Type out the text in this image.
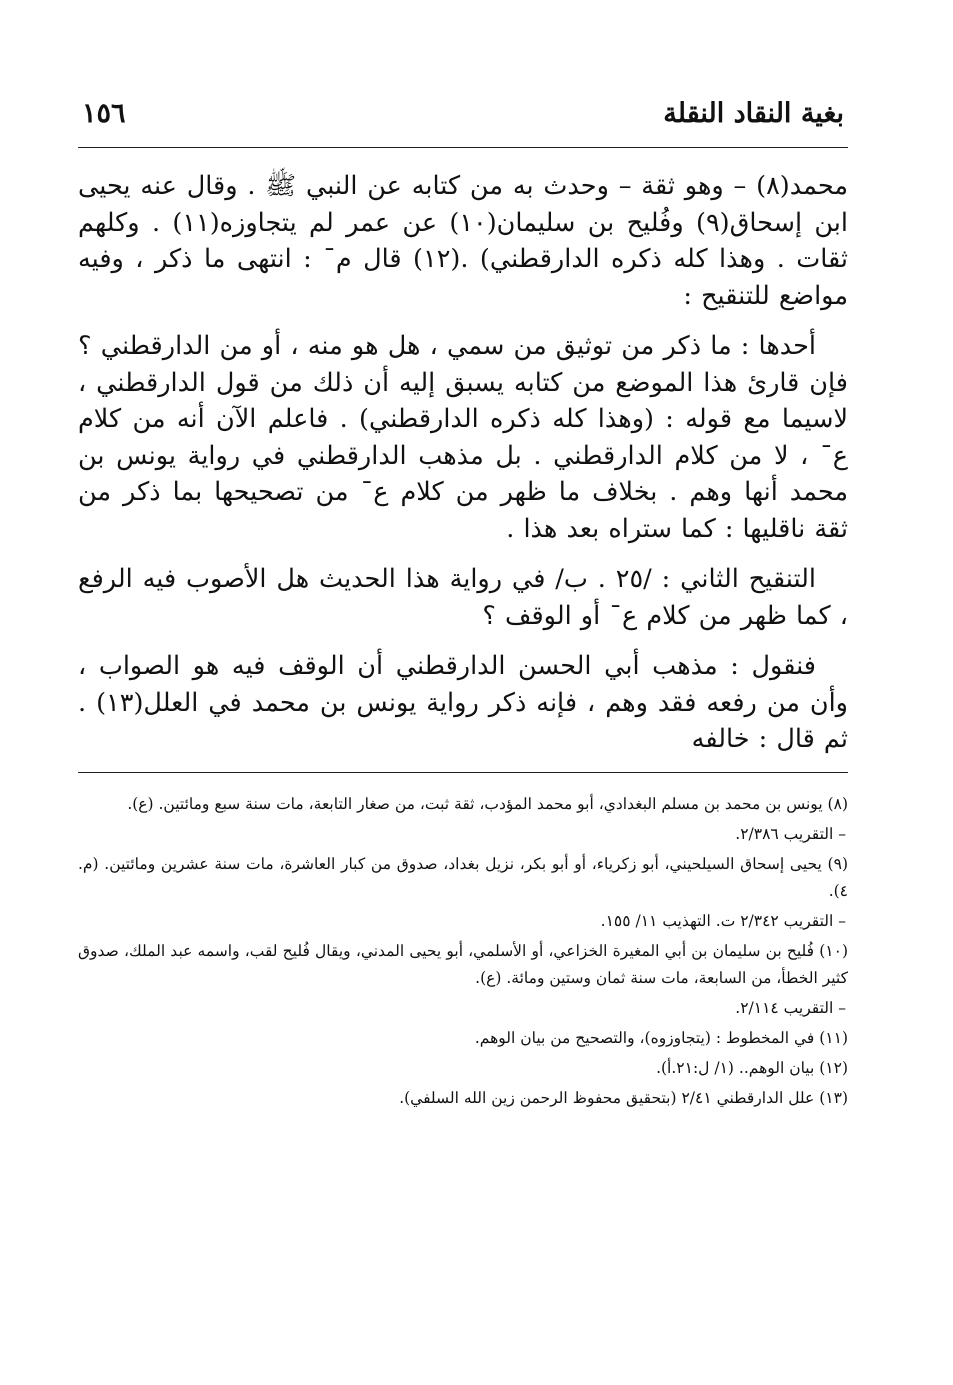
بغية النقاد النقلة
١٥٦

محمد(٨) – وهو ثقة – وحدث به من كتابه عن النبي ﷺ . وقال عنه يحيى ابن إسحاق(٩) وفُليح بن سليمان(١٠) عن عمر لم يتجاوزه(١١) . وكلهم ثقات . وهذا كله ذكره الدارقطني) .(١٢) قال مˉ : انتهى ما ذكر ، وفيه مواضع للتنقيح :

أحدها : ما ذكر من توثيق من سمي ، هل هو منه ، أو من الدارقطني ؟ فإن قارئ هذا الموضع من كتابه يسبق إليه أن ذلك من قول الدارقطني ، لاسيما مع قوله : (وهذا كله ذكره الدارقطني) . فاعلم الآن أنه من كلام عˉ ، لا من كلام الدارقطني . بل مذهب الدارقطني في رواية يونس بن محمد أنها وهم . بخلاف ما ظهر من كلام عˉ من تصحيحها بما ذكر من ثقة ناقليها : كما ستراه بعد هذا .

التنقيح الثاني : /٢٥ . ب/ في رواية هذا الحديث هل الأصوب فيه الرفع ، كما ظهر من كلام عˉ أو الوقف ؟

فنقول : مذهب أبي الحسن الدارقطني أن الوقف فيه هو الصواب ، وأن من رفعه فقد وهم ، فإنه ذكر رواية يونس بن محمد في العلل(١٣) . ثم قال : خالفه

(٨) يونس بن محمد بن مسلم البغدادي، أبو محمد المؤدب، ثقة ثبت، من صغار التابعة، مات سنة سبع ومائتين. (ع).

– التقريب ٢/٣٨٦.

(٩) يحيى إسحاق السيلحيني، أبو زكرياء، أو أبو بكر، نزيل بغداد، صدوق من كبار العاشرة، مات سنة عشرين ومائتين. (م. ٤).

– التقريب ٢/٣٤٢ ت. التهذيب ١١/ ١٥٥.

(١٠) فُليح بن سليمان بن أبي المغيرة الخزاعي، أو الأسلمي، أبو يحيى المدني، ويقال فُليح لقب، واسمه عبد الملك، صدوق كثير الخطأ، من السابعة، مات سنة ثمان وستين ومائة. (ع).

– التقريب ٢/١١٤.

(١١) في المخطوط : (يتجاوزوه)، والتصحيح من بيان الوهم.

(١٢) بيان الوهم.. (١/ ل:٢١.أ).

(١٣) علل الدارقطني ٢/٤١ (بتحقيق محفوظ الرحمن زين الله السلفي).
